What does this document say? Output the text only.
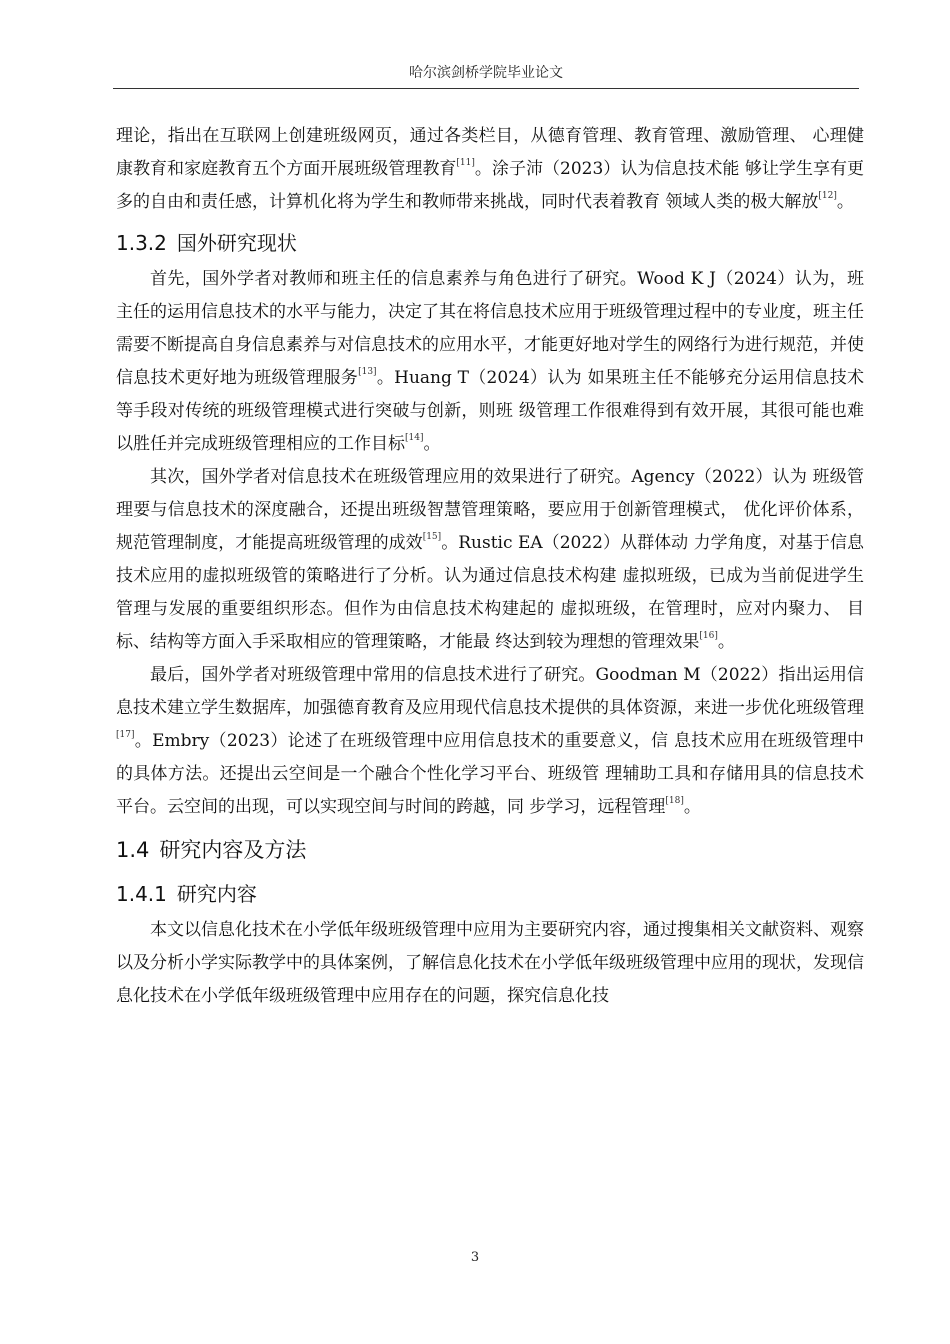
哈尔滨剑桥学院毕业论文

理论，指出在互联网上创建班级网页，通过各类栏目，从德育管理、教育管理、激励管理、 心理健康教育和家庭教育五个方面开展班级管理教育[11]。涂子沛（2023）认为信息技术能 够让学生享有更多的自由和责任感，计算机化将为学生和教师带来挑战，同时代表着教育 领域人类的极大解放[12]。

1.3.2 国外研究现状

首先，国外学者对教师和班主任的信息素养与角色进行了研究。Wood K J（2024）认为，班主任的运用信息技术的水平与能力，决定了其在将信息技术应用于班级管理过程中的专业度，班主任需要不断提高自身信息素养与对信息技术的应用水平，才能更好地对学生的网络行为进行规范，并使信息技术更好地为班级管理服务[13]。Huang T（2024）认为 如果班主任不能够充分运用信息技术等手段对传统的班级管理模式进行突破与创新，则班 级管理工作很难得到有效开展，其很可能也难以胜任并完成班级管理相应的工作目标[14]。

其次，国外学者对信息技术在班级管理应用的效果进行了研究。Agency（2022）认为 班级管理要与信息技术的深度融合，还提出班级智慧管理策略，要应用于创新管理模式， 优化评价体系，规范管理制度，才能提高班级管理的成效[15]。Rustic EA（2022）从群体动 力学角度，对基于信息技术应用的虚拟班级管的策略进行了分析。认为通过信息技术构建 虚拟班级，已成为当前促进学生管理与发展的重要组织形态。但作为由信息技术构建起的 虚拟班级，在管理时，应对内聚力、 目标、结构等方面入手采取相应的管理策略，才能最 终达到较为理想的管理效果[16]。

最后，国外学者对班级管理中常用的信息技术进行了研究。Goodman M（2022）指出运用信息技术建立学生数据库，加强德育教育及应用现代信息技术提供的具体资源，来进一步优化班级管理[17]。Embry（2023）论述了在班级管理中应用信息技术的重要意义，信 息技术应用在班级管理中的具体方法。还提出云空间是一个融合个性化学习平台、班级管 理辅助工具和存储用具的信息技术平台。云空间的出现，可以实现空间与时间的跨越，同 步学习，远程管理[18]。

1.4 研究内容及方法
1.4.1 研究内容

本文以信息化技术在小学低年级班级管理中应用为主要研究内容，通过搜集相关文献资料、观察以及分析小学实际教学中的具体案例，了解信息化技术在小学低年级班级管理中应用的现状，发现信息化技术在小学低年级班级管理中应用存在的问题，探究信息化技

3
